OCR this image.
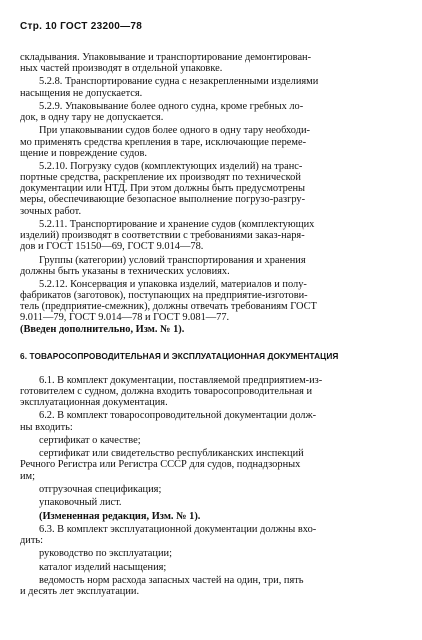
Стр. 10 ГОСТ 23200—78
складывания. Упаковывание и транспортирование демонтирован-
ных частей производят в отдельной упаковке.
5.2.8. Транспортирование судна с незакрепленными изделиями
насыщения не допускается.
5.2.9. Упаковывание более одного судна, кроме гребных ло-
док, в одну тару не допускается.
При упаковывании судов более одного в одну тару необходи-
мо применять средства крепления в таре, исключающие переме-
щение и повреждение судов.
5.2.10. Погрузку судов (комплектующих изделий) на транс-
портные средства, раскрепление их производят по технической
документации или НТД. При этом должны быть предусмотрены
меры, обеспечивающие безопасное выполнение погрузо-разгру-
зочных работ.
5.2.11. Транспортирование и хранение судов (комплектующих
изделий) производят в соответствии с требованиями заказ-наря-
дов и ГОСТ 15150—69, ГОСТ 9.014—78.
Группы (категории) условий транспортирования и хранения
должны быть указаны в технических условиях.
5.2.12. Консервация и упаковка изделий, материалов и полу-
фабрикатов (заготовок), поступающих на предприятие-изготови-
тель (предприятие-смежник), должны отвечать требованиям ГОСТ
9.011—79, ГОСТ 9.014—78 и ГОСТ 9.081—77.
(Введен дополнительно, Изм. № 1).
6. ТОВАРОСОПРОВОДИТЕЛЬНАЯ И ЭКСПЛУАТАЦИОННАЯ ДОКУМЕНТАЦИЯ
6.1. В комплект документации, поставляемой предприятием-из-
готовителем с судном, должна входить товаросопроводительная и
эксплуатационная документация.
6.2. В комплект товаросопроводительной документации долж-
ны входить:
сертификат о качестве;
сертификат или свидетельство республиканских инспекций
Речного Регистра или Регистра СССР для судов, поднадзорных
им;
отгрузочная спецификация;
упаковочный лист.
(Измененная редакция, Изм. № 1).
6.3. В комплект эксплуатационной документации должны вхо-
дить:
руководство по эксплуатации;
каталог изделий насыщения;
ведомость норм расхода запасных частей на один, три, пять
и десять лет эксплуатации.
